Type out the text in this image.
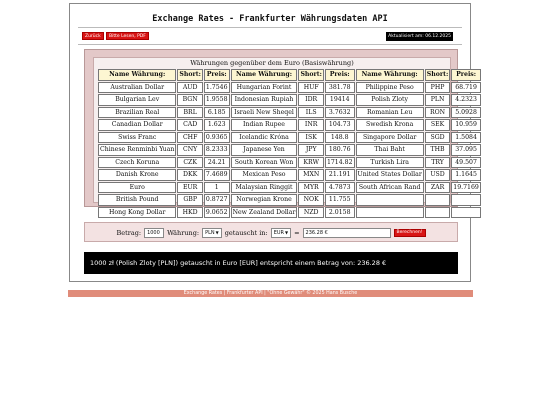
Exchange Rates - Frankfurter Währungsdaten API
Zurück	Bitte Lesen, PDF	Aktualisiert am: 06.12.2025
Währungen gegenüber dem Euro (Basiswährung)
Name Währung:	Short:	Preis:	Name Währung:	Short:	Preis:	Name Währung:	Short:	Preis:
Australian Dollar	AUD	1.7546	Hungarian Forint	HUF	381.78	Philippine Peso	PHP	68.719
Bulgarian Lev	BGN	1.9558	Indonesian Rupiah	IDR	19414	Polish Zloty	PLN	4.2323
Brazilian Real	BRL	6.185	Israeli New Sheqel	ILS	3.7632	Romanian Leu	RON	5.0928
Canadian Dollar	CAD	1.623	Indian Rupee	INR	104.73	Swedish Krona	SEK	10.959
Swiss Franc	CHF	0.9365	Icelandic Króna	ISK	148.8	Singapore Dollar	SGD	1.5084
Chinese Renminbi Yuan	CNY	8.2333	Japanese Yen	JPY	180.76	Thai Baht	THB	37.095
Czech Koruna	CZK	24.21	South Korean Won	KRW	1714.82	Turkish Lira	TRY	49.507
Danish Krone	DKK	7.4689	Mexican Peso	MXN	21.191	United States Dollar	USD	1.1645
Euro	EUR	1	Malaysian Ringgit	MYR	4.7873	South African Rand	ZAR	19.7169
British Pound	GBP	0.8727	Norwegian Krone	NOK	11.755			
Hong Kong Dollar	HKD	9.0652	New Zealand Dollar	NZD	2.0158			
Betrag:	1000	Währung: PLN ▼ getauscht in: EUR ▼ =	236.28 €	Berechnen!
1000 zł (Polish Zloty [PLN]) getauscht in Euro [EUR] entspricht einem Betrag von: 236.28 €
Exchange Rates | Frankfurter API | "Ohne Gewähr" © 2025 Hans Busche
